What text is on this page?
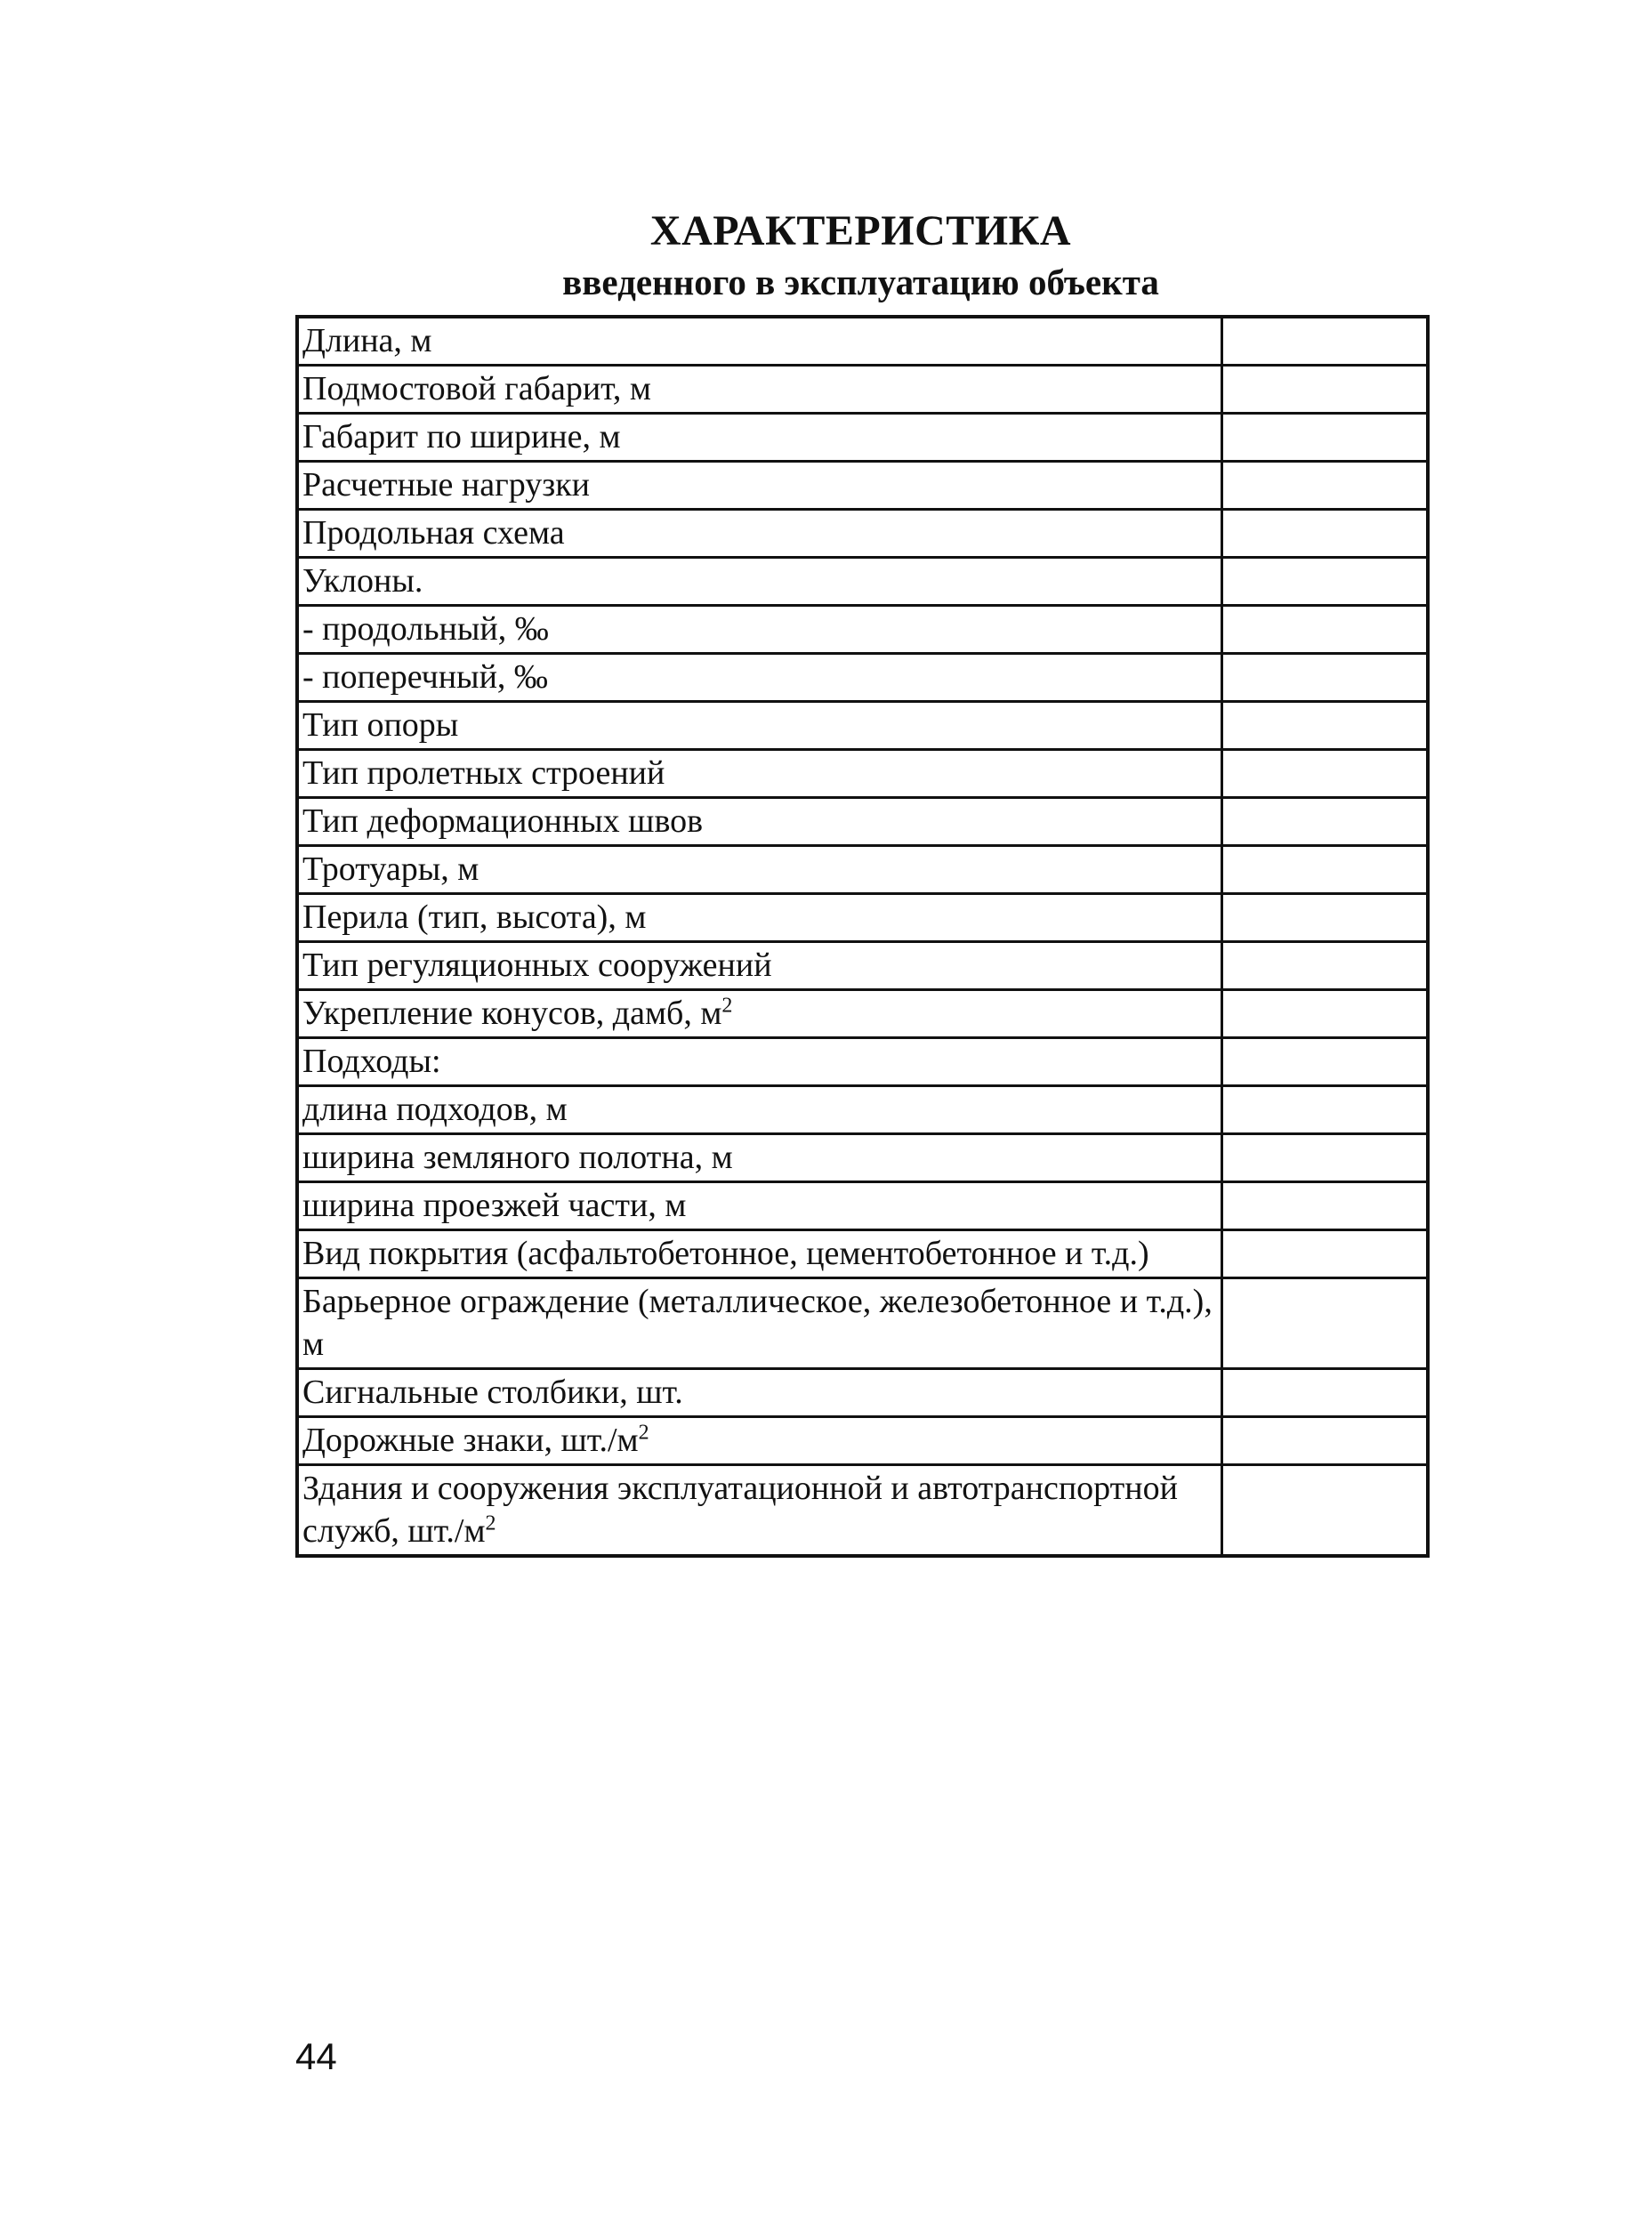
ХАРАКТЕРИСТИКА
введенного в эксплуатацию объекта
Длина, м	
Подмостовой габарит, м	
Габарит по ширине, м	
Расчетные нагрузки	
Продольная схема	
Уклоны.	
- продольный, ‰	
- поперечный, ‰	
Тип опоры	
Тип пролетных строений	
Тип деформационных швов	
Тротуары, м	
Перила (тип, высота), м	
Тип регуляционных сооружений	
Укрепление конусов, дамб, $м^2$	
Подходы:	
длина подходов, м	
ширина земляного полотна, м	
ширина проезжей части, м	
Вид покрытия (асфальтобетонное, цементобетонное и т.д.)	
Барьерное ограждение (металлическое, железобетонное и т.д.), м	
Сигнальные столбики, шт.	
Дорожные знаки, $шт./м^2$	
Здания и сооружения эксплуатационной и автотранспортной служб, $шт./м^2$	
44
